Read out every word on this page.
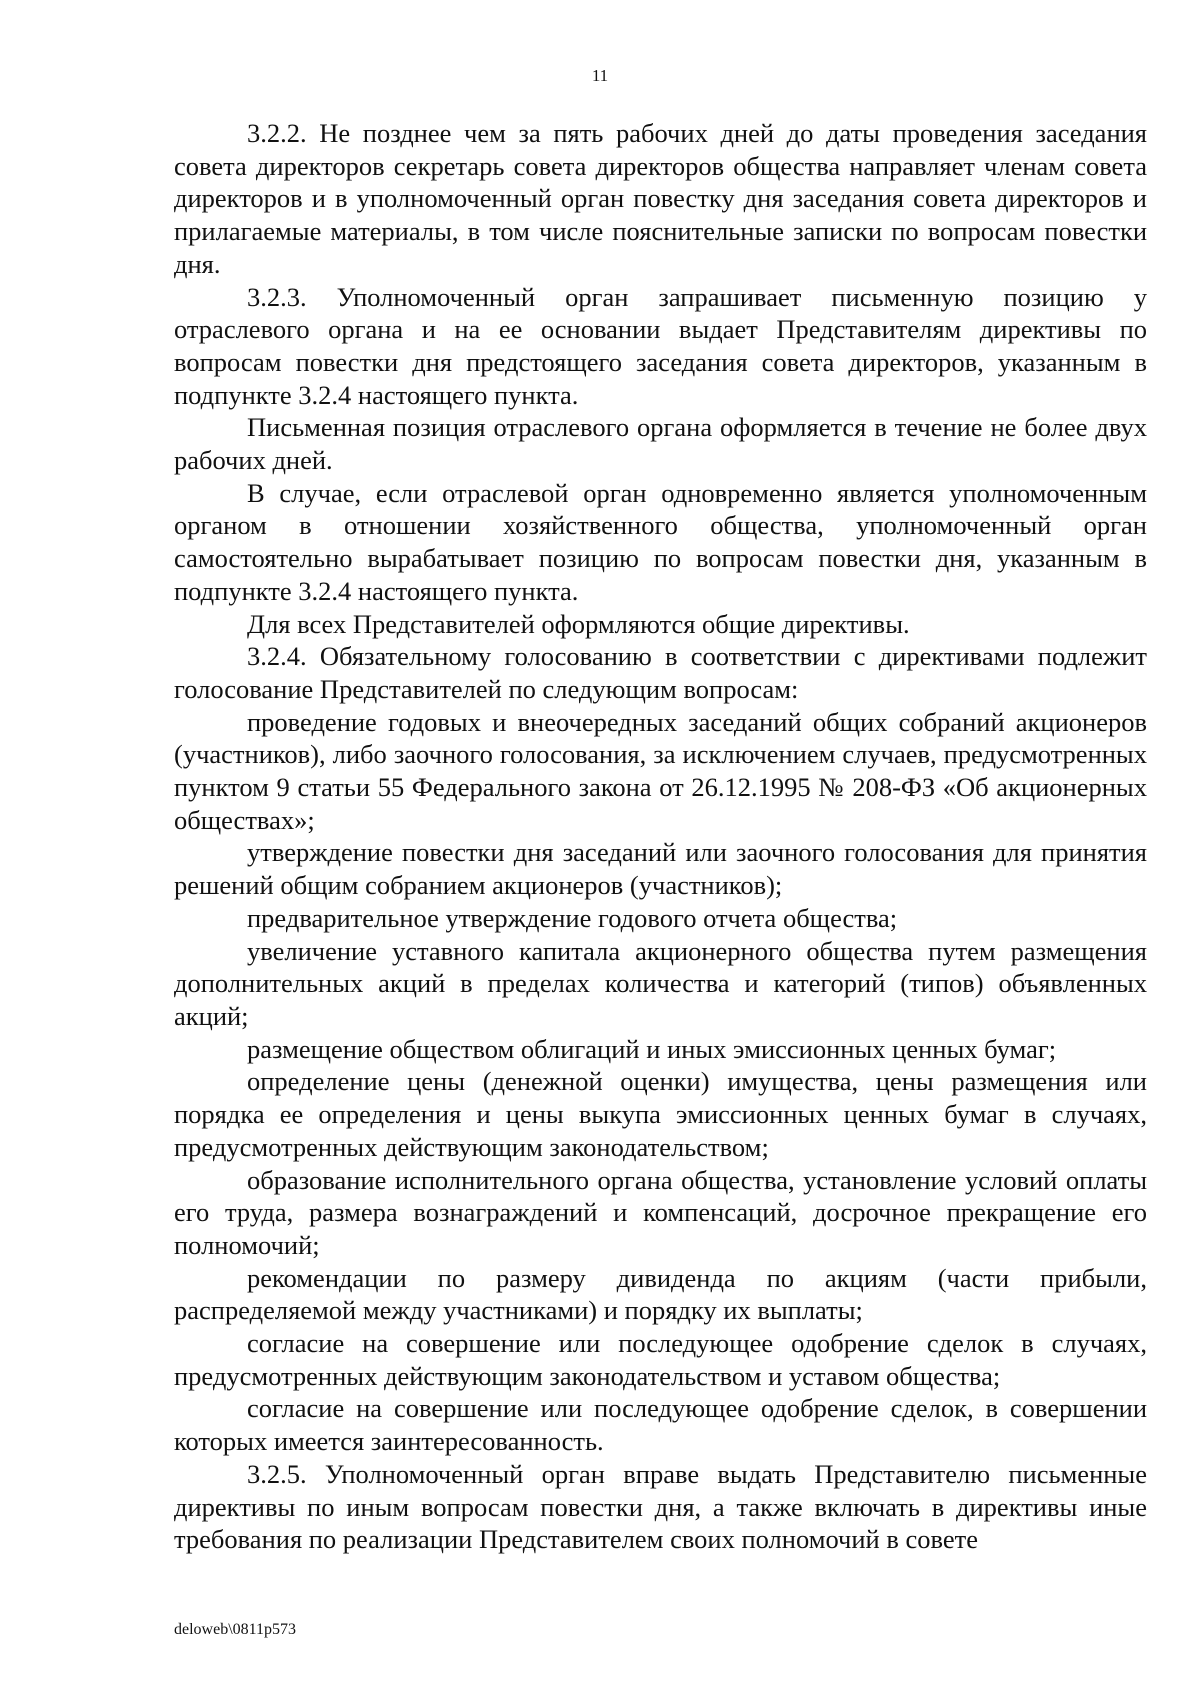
11

3.2.2. Не позднее чем за пять рабочих дней до даты проведения заседания совета директоров секретарь совета директоров общества направляет членам совета директоров и в уполномоченный орган повестку дня заседания совета директоров и прилагаемые материалы, в том числе пояснительные записки по вопросам повестки дня.

3.2.3. Уполномоченный орган запрашивает письменную позицию у отраслевого органа и на ее основании выдает Представителям директивы по вопросам повестки дня предстоящего заседания совета директоров, указанным в подпункте 3.2.4 настоящего пункта.

Письменная позиция отраслевого органа оформляется в течение не более двух рабочих дней.

В случае, если отраслевой орган одновременно является уполномоченным органом в отношении хозяйственного общества, уполномоченный орган самостоятельно вырабатывает позицию по вопросам повестки дня, указанным в подпункте 3.2.4 настоящего пункта.

Для всех Представителей оформляются общие директивы.

3.2.4. Обязательному голосованию в соответствии с директивами подлежит голосование Представителей по следующим вопросам:

проведение годовых и внеочередных заседаний общих собраний акционеров (участников), либо заочного голосования, за исключением случаев, предусмотренных пунктом 9 статьи 55 Федерального закона от 26.12.1995 № 208-ФЗ «Об акционерных обществах»;

утверждение повестки дня заседаний или заочного голосования для принятия решений общим собранием акционеров (участников);

предварительное утверждение годового отчета общества;

увеличение уставного капитала акционерного общества путем размещения дополнительных акций в пределах количества и категорий (типов) объявленных акций;

размещение обществом облигаций и иных эмиссионных ценных бумаг;

определение цены (денежной оценки) имущества, цены размещения или порядка ее определения и цены выкупа эмиссионных ценных бумаг в случаях, предусмотренных действующим законодательством;

образование исполнительного органа общества, установление условий оплаты его труда, размера вознаграждений и компенсаций, досрочное прекращение его полномочий;

рекомендации по размеру дивиденда по акциям (части прибыли, распределяемой между участниками) и порядку их выплаты;

согласие на совершение или последующее одобрение сделок в случаях, предусмотренных действующим законодательством и уставом общества;

согласие на совершение или последующее одобрение сделок, в совершении которых имеется заинтересованность.

3.2.5. Уполномоченный орган вправе выдать Представителю письменные директивы по иным вопросам повестки дня, а также включать в директивы иные требования по реализации Представителем своих полномочий в совете

deloweb\0811p573
